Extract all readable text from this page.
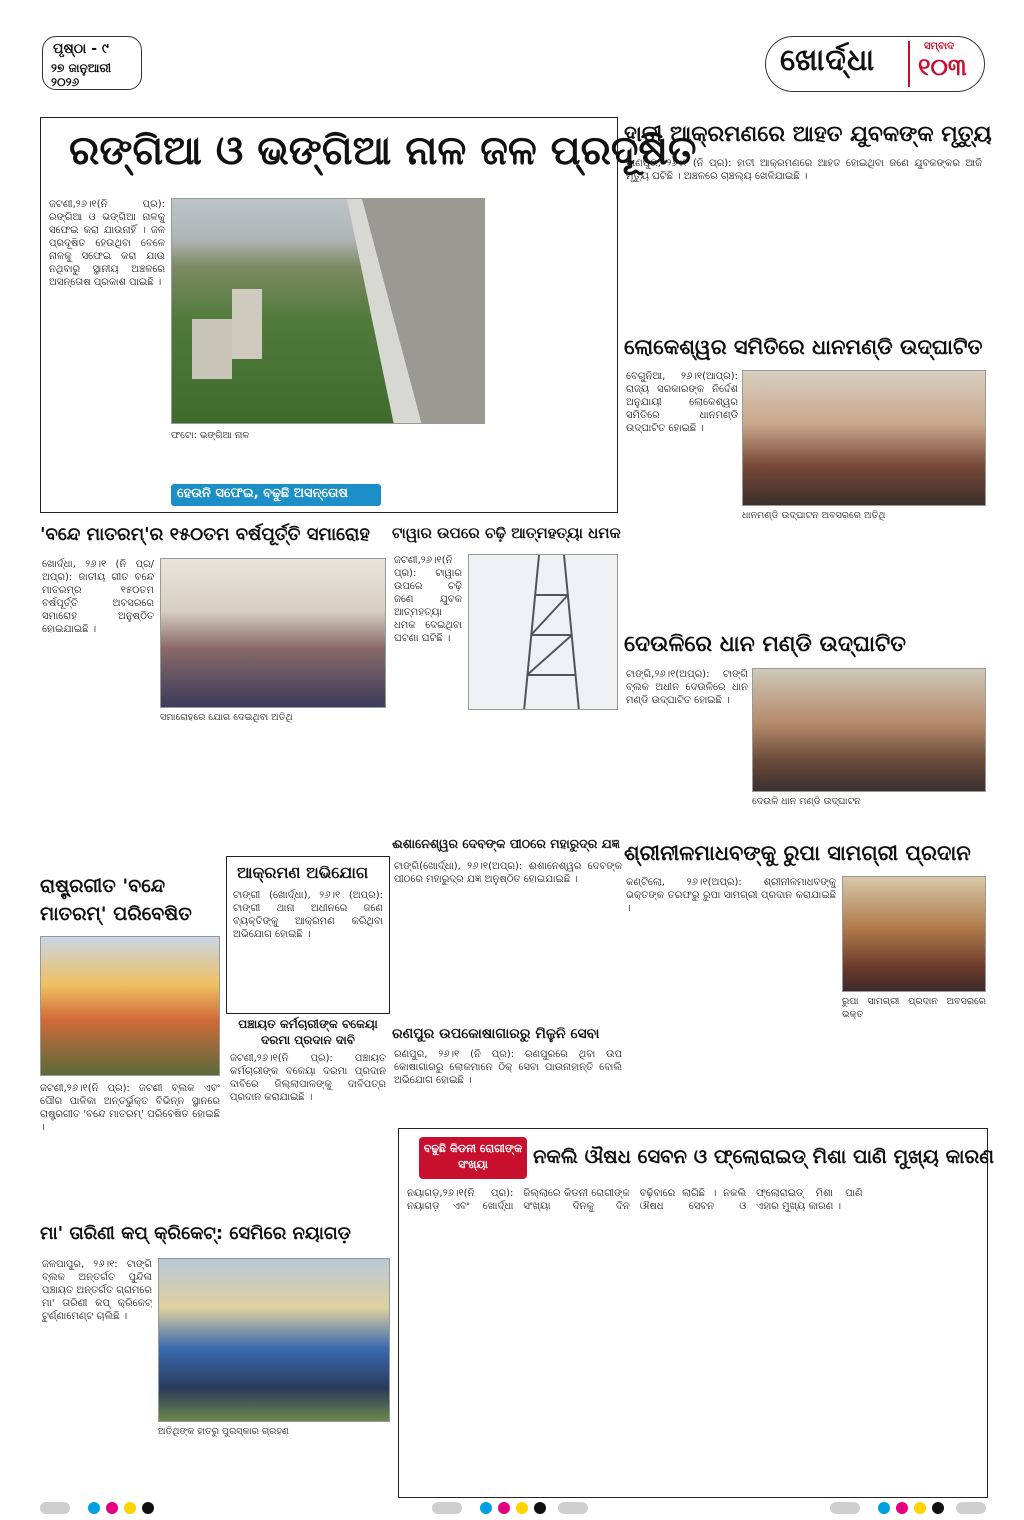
ପୃଷ୍ଠା - ୯
୨୭ ଜାନୁଆରୀ ୨୦୨୬
ଖୋର୍ଦ୍ଧା	ସମ୍ବାଦ
୧୦୩
ରଙ୍ଗିଆ ଓ ଭଙ୍ଗିଆ ନାଳ ଜଳ ପ୍ରଦୂଷିତ
ଜଟଣୀ,୨୬।୧(ନି ପ୍ର): ରଙ୍ଗିଆ ଓ ଭଙ୍ଗିଆ ନାଳକୁ ସଫେଇ କରା ଯାଉନାହିଁ । ଜଳ ପ୍ରଦୂଷିତ ହେଉଥିବା ବେଳେ ନାଳକୁ ସଫେଇ କରା ଯାଉ ନଥିବାରୁ ସ୍ଥାନୀୟ ଅଞ୍ଚଳରେ ଅସନ୍ତୋଷ ପ୍ରକାଶ ପାଇଛି ।
ଫଟୋ: ଭଙ୍ଗିଆ ନାଳ
ହେଉନି ସଫେଇ, ବଢୁଛି ଅସନ୍ତୋଷ
ହାତୀ ଆକ୍ରମଣରେ ଆହତ ଯୁବକଙ୍କ ମୃତ୍ୟୁ
ବାଣପୁର, ୨୬।୧ (ନି ପ୍ର): ହାତୀ ଆକ୍ରମଣରେ ଆହତ ହୋଇଥିବା ଜଣେ ଯୁବକଙ୍କର ଆଜି ମୃତ୍ୟୁ ଘଟିଛି । ଅଞ୍ଚଳରେ ଚାଞ୍ଚଲ୍ୟ ଖେଳିଯାଇଛି ।
ଲୋକେଶ୍ୱର ସମିତିରେ ଧାନମଣ୍ଡି ଉଦ୍‌ଘାଟିତ
ବେଗୁନିଆ, ୨୬।୧(ଆପ୍ର): ରାଜ୍ୟ ସରକାରଙ୍କ ନିର୍ଦ୍ଦେଶ ଅନୁଯାୟୀ ଲୋକେଶ୍ୱର ସମିତିରେ ଧାନମଣ୍ଡି ଉଦ୍‌ଘାଟିତ ହୋଇଛି ।
ଧାନମଣ୍ଡି ଉଦ୍‌ଘାଟନ ଅବସରରେ ଅତିଥି
'ବନ୍ଦେ ମାତରମ୍'ର ୧୫୦ତମ ବର୍ଷପୂର୍ତ୍ତି ସମାରୋହ
ଖୋର୍ଦ୍ଧା, ୨୬।୧ (ନି ପ୍ର/ଅପ୍ର): ଜାତୀୟ ଗୀତ ବନ୍ଦେ ମାତରମ୍‌ର ୧୫୦ତମ ବର୍ଷପୂର୍ତ୍ତି ଅବସରରେ ସମାରୋହ ଅନୁଷ୍ଠିତ ହୋଇଯାଇଛି ।
ସମାରୋହରେ ଯୋଗ ଦେଇଥିବା ଅତିଥି
ଟାୱାର ଉପରେ ଚଢ଼ି ଆତ୍ମହତ୍ୟା ଧମକ
ଜଟଣୀ,୨୬।୧(ନି ପ୍ର): ଟାୱାର ଉପରେ ଚଢ଼ି ଜଣେ ଯୁବକ ଆତ୍ମହତ୍ୟା ଧମକ ଦେଇଥିବା ଘଟଣା ଘଟିଛି ।	ଦେଉଳିରେ ଧାନ ମଣ୍ଡି ଉଦ୍‌ଘାଟିତ
ଟାଙ୍ଗି,୨୬।୧(ଅପ୍ର): ଟାଙ୍ଗି ବ୍ଲକ ଅଧୀନ ଦେଉଳିରେ ଧାନ ମଣ୍ଡି ଉଦ୍‌ଘାଟିତ ହୋଇଛି ।
ଦେଉଳି ଧାନ ମଣ୍ଡି ଉଦ୍‌ଘାଟନ
ରାଷ୍ଟ୍ରଗୀତ 'ବନ୍ଦେ ମାତରମ୍' ପରିବେଷିତ
ଜଟଣୀ,୨୬।୧(ନି ପ୍ର): ଜଟଣୀ ବ୍ଲକ ଏବଂ ପୌର ପାଳିକା ଅନ୍ତର୍ଭୁକ୍ତ ବିଭିନ୍ନ ସ୍ଥାନରେ ରାଷ୍ଟ୍ରଗୀତ 'ବନ୍ଦେ ମାତରମ୍' ପରିବେଷିତ ହୋଇଛି ।
ଆକ୍ରମଣ ଅଭିଯୋଗ
ଟାଙ୍ଗୀ (ଖୋର୍ଦ୍ଧା), ୨୬।୧ (ଅପ୍ର): ଟାଙ୍ଗୀ ଥାନା ଅଧୀନରେ ଜଣେ ବ୍ୟକ୍ତିଙ୍କୁ ଆକ୍ରମଣ କରିଥିବା ଅଭିଯୋଗ ହୋଇଛି ।
ପଞ୍ଚାୟତ କର୍ମଚାରୀଙ୍କ ବକେୟା ଦରମା ପ୍ରଦାନ ଦାବି
ଜଟଣୀ,୨୬।୧(ନି ପ୍ର): ପଞ୍ଚାୟତ କର୍ମଚାରୀଙ୍କ ବକେୟା ଦରମା ପ୍ରଦାନ ଦାବିରେ ଜିଲ୍ଲାପାଳଙ୍କୁ ଦାବିପତ୍ର ପ୍ରଦାନ କରାଯାଇଛି ।
ଈଶାନେଶ୍ୱର ଦେବଙ୍କ ପୀଠରେ ମହାରୁଦ୍ର ଯଜ୍ଞ
ଟାଙ୍ଗି(ଖୋର୍ଦ୍ଧା), ୨୬।୧(ଅପ୍ର): ଈଶାନେଶ୍ୱର ଦେବଙ୍କ ପୀଠରେ ମହାରୁଦ୍ର ଯଜ୍ଞ ଅନୁଷ୍ଠିତ ହୋଇଯାଇଛି ।
ରଣପୁର ଉପକୋଷାଗାରରୁ ମିଳୁନି ସେବା
ରଣପୁର, ୨୬।୧ (ନି ପ୍ର): ରଣପୁରରେ ଥିବା ଉପ କୋଷାଗାରରୁ ଲୋକମାନେ ଠିକ୍ ସେବା ପାଉନାହାନ୍ତି ବୋଲି ଅଭିଯୋଗ ହୋଇଛି ।
ଶ୍ରୀନୀଳମାଧବଙ୍କୁ ରୁପା ସାମଗ୍ରୀ ପ୍ରଦାନ
କଣ୍ଟିଲୋ, ୨୬।୧(ଅପ୍ର): ଶ୍ରୀନୀଳମାଧବଙ୍କୁ ଭକ୍ତଙ୍କ ତରଫରୁ ରୁପା ସାମଗ୍ରୀ ପ୍ରଦାନ କରାଯାଇଛି ।
ରୁପା ସାମଗ୍ରୀ ପ୍ରଦାନ ଅବସରରେ ଭକ୍ତ
ମା' ତାରିଣୀ କପ୍ କ୍ରିକେଟ୍: ସେମିରେ ନୟାଗଡ଼
ଜଳପାପୁର, ୨୬।୧: ଟାଙ୍ଗି ବ୍ଲକ ଅନ୍ତର୍ଗତ ପୁନ୍ଦିଳା ପଞ୍ଚାୟତ ଅନ୍ତର୍ଗତ ଗ୍ରାମରେ ମା' ତାରିଣୀ କପ୍ କ୍ରିକେଟ୍ ଟୁର୍ଣ୍ଣାମେଣ୍ଟ ଚାଲିଛି ।
ଅତିଥିଙ୍କ ହାତରୁ ପୁରସ୍କାର ଗ୍ରହଣ
ବଢୁଛି କିଡନୀ ରୋଗୀଙ୍କ ସଂଖ୍ୟା	ନକଲି ଔଷଧ ସେବନ ଓ ଫ୍ଲୋରାଇଡ୍ ମିଶା ପାଣି ମୁଖ୍ୟ କାରଣ
ନୟାଗଡ଼,୨୬।୧(ନି ପ୍ର): ନୟାଗଡ଼ ଏବଂ ଖୋର୍ଦ୍ଧା ଜିଲ୍ଲାରେ କିଡନୀ ରୋଗୀଙ୍କ ସଂଖ୍ୟା ଦିନକୁ ଦିନ ବଢ଼ିବାରେ ଲାଗିଛି । ନକଲି ଔଷଧ ସେବନ ଓ ଫ୍ଲୋରାଇଡ୍ ମିଶା ପାଣି ଏହାର ମୁଖ୍ୟ କାରଣ ।
